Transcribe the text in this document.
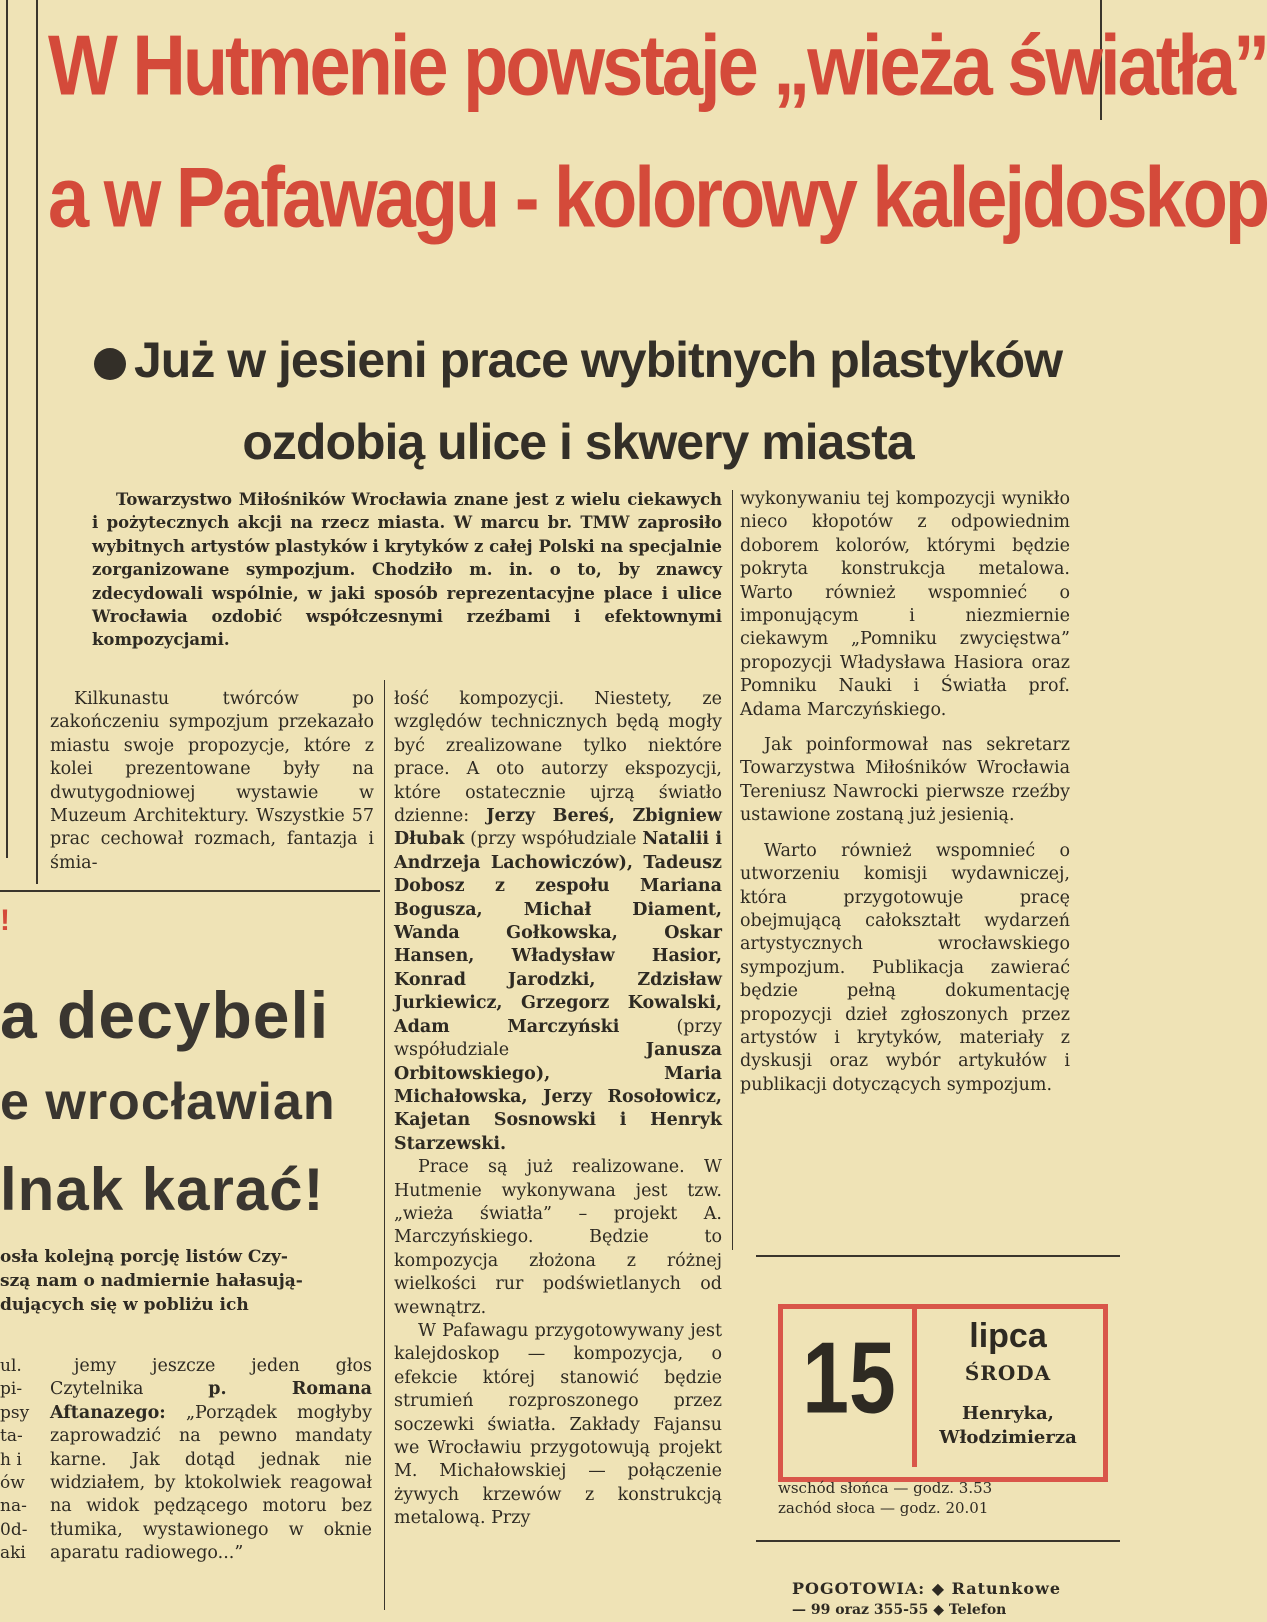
W Hutmenie powstaje „wieża światła”
a w Pafawagu - kolorowy kalejdoskop
Już w jesieni prace wybitnych plastyków
ozdobią ulice i skwery miasta
Towarzystwo Miłośników Wrocławia znane jest z wielu ciekawych i pożytecznych akcji na rzecz miasta. W marcu br. TMW zaprosiło wybitnych artystów plastyków i krytyków z całej Polski na specjalnie zorganizowane sympozjum. Chodziło m. in. o to, by znawcy zdecydowali wspólnie, w jaki sposób reprezentacyjne place i ulice Wrocławia ozdobić współczesnymi rzeźbami i efektownymi kompozycjami.

Kilkunastu twórców po zakończeniu sympozjum przekazało miastu swoje propozycje, które z kolei prezentowane były na dwutygodniowej wystawie w Muzeum Architektury. Wszystkie 57 prac cechował rozmach, fantazja i śmia-

łość kompozycji. Niestety, ze względów technicznych będą mogły być zrealizowane tylko niektóre prace. A oto autorzy ekspozycji, które ostatecznie ujrzą światło dzienne: Jerzy Bereś, Zbigniew Dłubak (przy współudziale Natalii i Andrzeja Lachowiczów), Tadeusz Dobosz z zespołu Mariana Bogusza, Michał Diament, Wanda Gołkowska, Oskar Hansen, Władysław Hasior, Konrad Jarodzki, Zdzisław Jurkiewicz, Grzegorz Kowalski, Adam Marczyński (przy współudziale Janusza Orbitowskiego), Maria Michałowska, Jerzy Rosołowicz, Kajetan Sosnowski i Henryk Starzewski.

Prace są już realizowane. W Hutmenie wykonywana jest tzw. „wieża światła” – projekt A. Marczyńskiego. Będzie to kompozycja złożona z różnej wielkości rur podświetlanych od wewnątrz.

W Pafawagu przygotowywany jest kalejdoskop — kompozycja, o efekcie której stanowić będzie strumień rozproszonego przez soczewki światła. Zakłady Fajansu we Wrocławiu przygotowują projekt M. Michałowskiej — połączenie żywych krzewów z konstrukcją metalową. Przy

wykonywaniu tej kompozycji wynikło nieco kłopotów z odpowiednim doborem kolorów, którymi będzie pokryta konstrukcja metalowa. Warto również wspomnieć o imponującym i niezmiernie ciekawym „Pomniku zwycięstwa” propozycji Władysława Hasiora oraz Pomniku Nauki i Światła prof. Adama Marczyńskiego.

Jak poinformował nas sekretarz Towarzystwa Miłośników Wrocławia Tereniusz Nawrocki pierwsze rzeźby ustawione zostaną już jesienią.

Warto również wspomnieć o utworzeniu komisji wydawniczej, która przygotowuje pracę obejmującą całokształt wydarzeń artystycznych wrocławskiego sympozjum. Publikacja zawierać będzie pełną dokumentację propozycji dzieł zgłoszonych przez artystów i krytyków, materiały z dyskusji oraz wybór artykułów i publikacji dotyczących sympozjum.

!
a decybeli
e wrocławian
lnak karać!
osła kolejną porcję listów Czy-
szą nam o nadmiernie hałasują-
dujących się w pobliżu ich
ul.
pi-
psy
ta-
h i
ów
na-
0d-
aki

jemy jeszcze jeden głos Czytelnika p. Romana Aftanazego: „Porządek mogłyby zaprowadzić na pewno mandaty karne. Jak dotąd jednak nie widziałem, by ktokolwiek reagował na widok pędzącego motoru bez tłumika, wystawionego w oknie aparatu radiowego...”

15	lipca
ŚRODA
Henryka,
Włodzimierza
wschód słońca — godz. 3.53
zachód słoca — godz. 20.01
POGOTOWIA: ◆ Ratunkowe
— 99 oraz 355-55 ◆ Telefon
